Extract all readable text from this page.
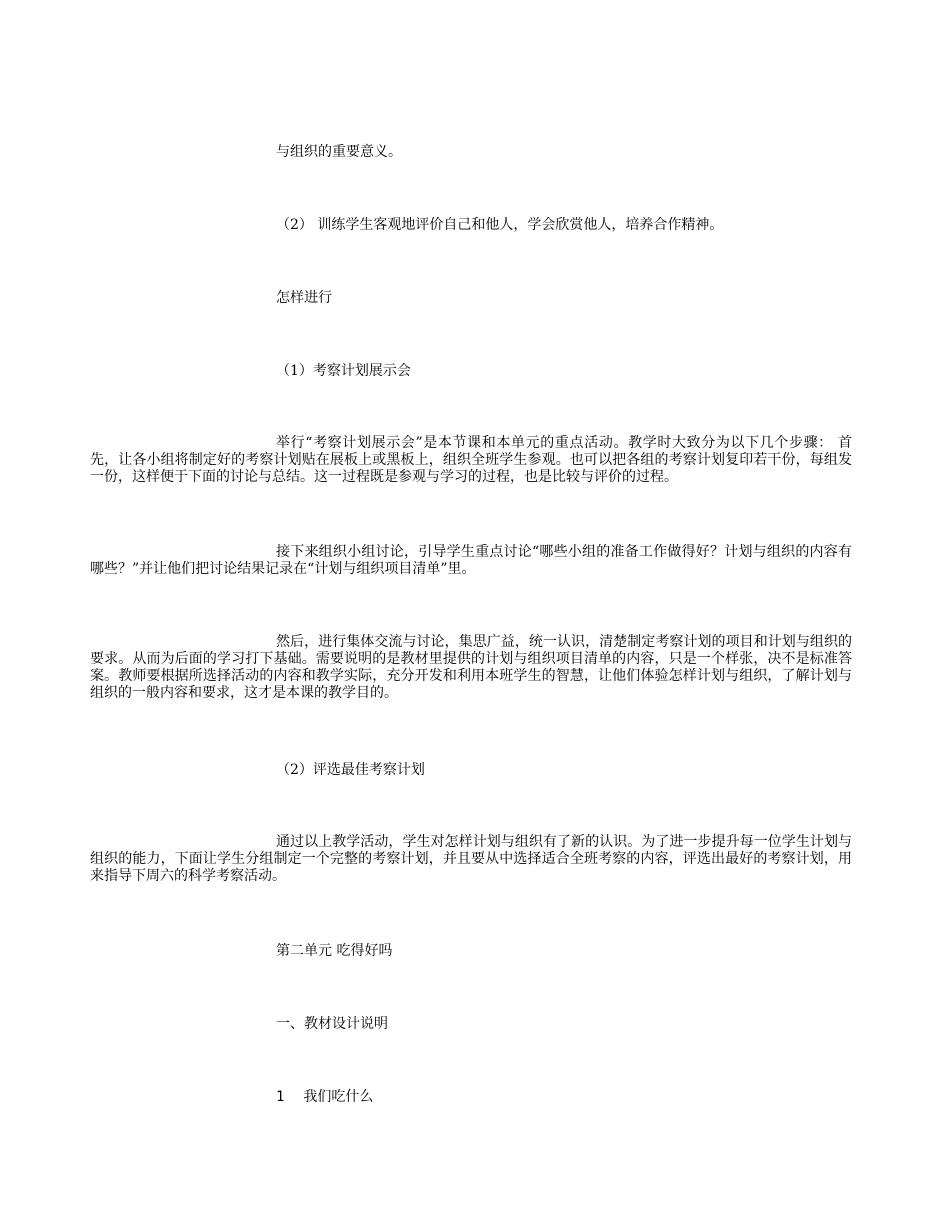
与组织的重要意义。
（2） 训练学生客观地评价自己和他人，学会欣赏他人，培养合作精神。
怎样进行
（1）考察计划展示会
举行“考察计划展示会”是本节课和本单元的重点活动。教学时大致分为以下几个步骤： 首先，让各小组将制定好的考察计划贴在展板上或黑板上，组织全班学生参观。也可以把各组的考察计划复印若干份，每组发一份，这样便于下面的讨论与总结。这一过程既是参观与学习的过程，也是比较与评价的过程。
接下来组织小组讨论，引导学生重点讨论“哪些小组的准备工作做得好？计划与组织的内容有哪些？”并让他们把讨论结果记录在“计划与组织项目清单”里。
然后，进行集体交流与讨论，集思广益，统一认识，清楚制定考察计划的项目和计划与组织的要求。从而为后面的学习打下基础。需要说明的是教材里提供的计划与组织项目清单的内容，只是一个样张，决不是标准答案。教师要根据所选择活动的内容和教学实际，充分开发和利用本班学生的智慧，让他们体验怎样计划与组织，了解计划与组织的一般内容和要求，这才是本课的教学目的。
（2）评选最佳考察计划
通过以上教学活动，学生对怎样计划与组织有了新的认识。为了进一步提升每一位学生计划与组织的能力，下面让学生分组制定一个完整的考察计划，并且要从中选择适合全班考察的内容，评选出最好的考察计划，用来指导下周六的科学考察活动。
第二单元 吃得好吗
一、教材设计说明
1 我们吃什么
